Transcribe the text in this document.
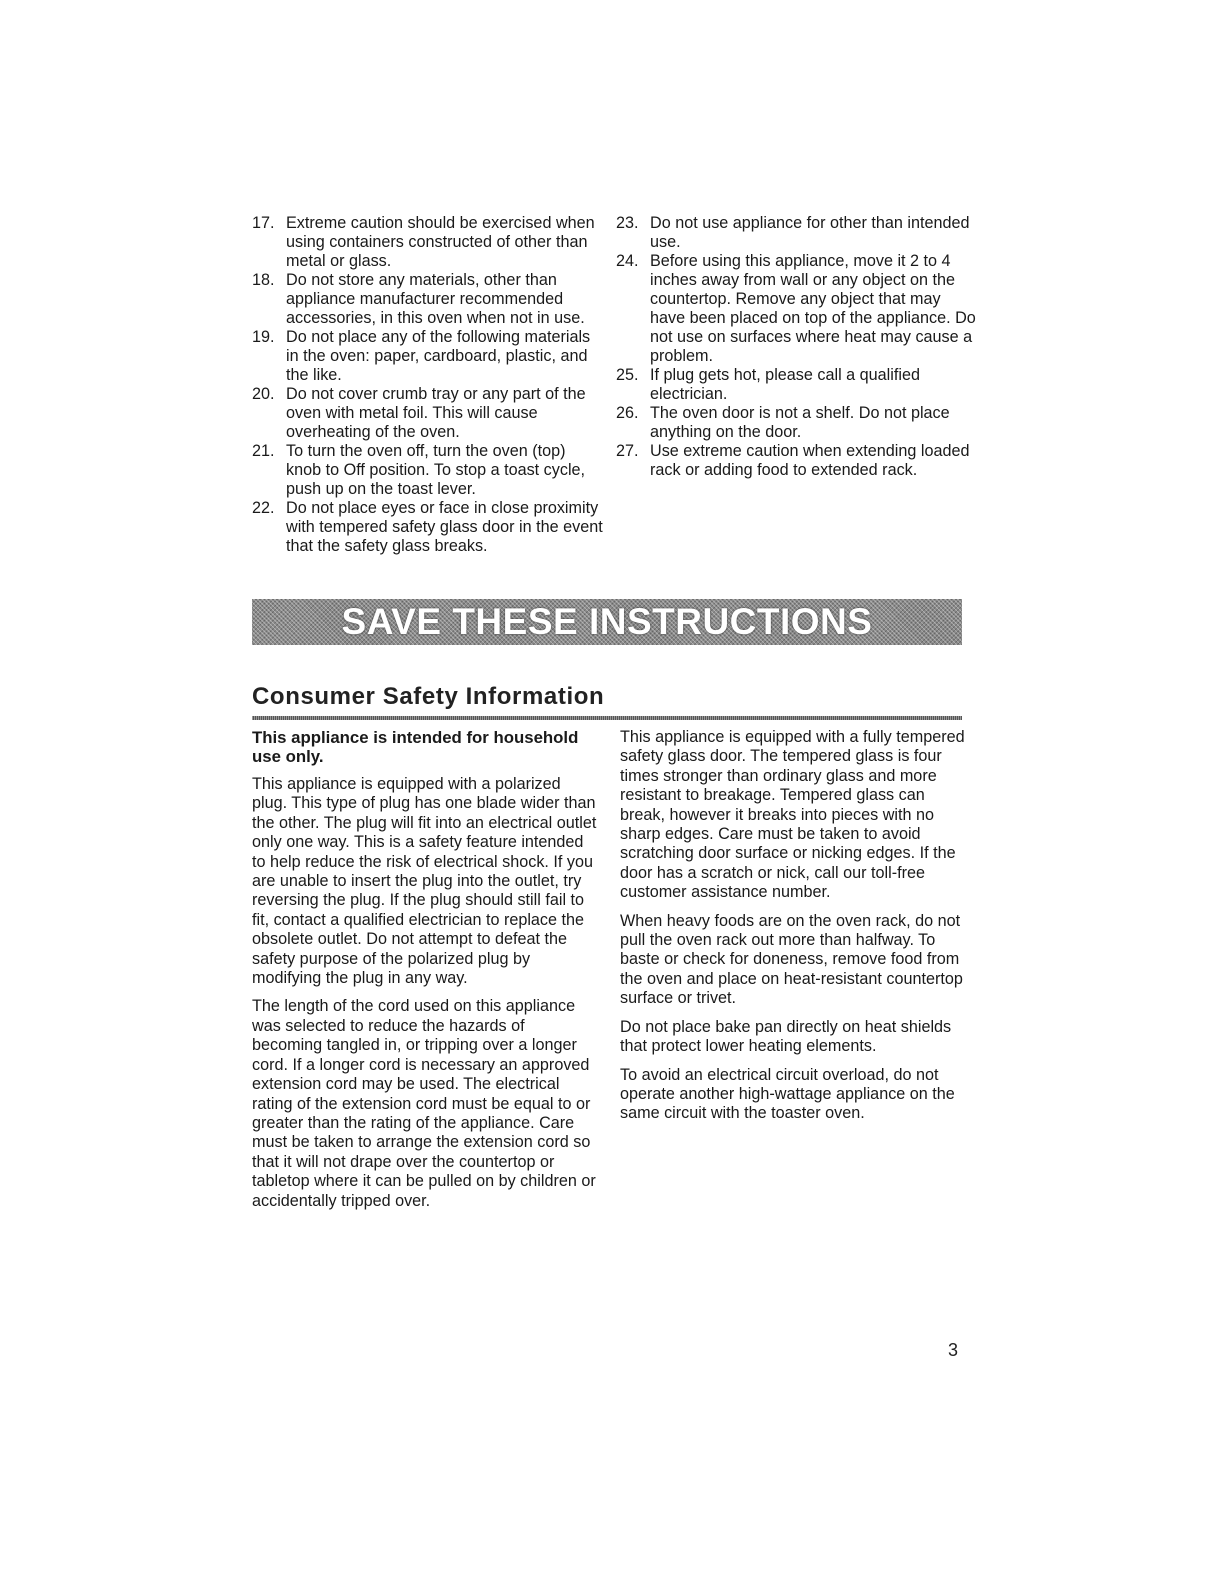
17. Extreme caution should be exercised when using containers constructed of other than metal or glass.
18. Do not store any materials, other than appliance manufacturer recommended accessories, in this oven when not in use.
19. Do not place any of the following materials in the oven: paper, cardboard, plastic, and the like.
20. Do not cover crumb tray or any part of the oven with metal foil. This will cause overheating of the oven.
21. To turn the oven off, turn the oven (top) knob to Off position. To stop a toast cycle, push up on the toast lever.
22. Do not place eyes or face in close proximity with tempered safety glass door in the event that the safety glass breaks.
23. Do not use appliance for other than intended use.
24. Before using this appliance, move it 2 to 4 inches away from wall or any object on the countertop. Remove any object that may have been placed on top of the appliance. Do not use on surfaces where heat may cause a problem.
25. If plug gets hot, please call a qualified electrician.
26. The oven door is not a shelf. Do not place anything on the door.
27. Use extreme caution when extending loaded rack or adding food to extended rack.
SAVE THESE INSTRUCTIONS
Consumer Safety Information

This appliance is intended for household use only.

This appliance is equipped with a polarized plug. This type of plug has one blade wider than the other. The plug will fit into an electrical outlet only one way. This is a safety feature intended to help reduce the risk of electrical shock. If you are unable to insert the plug into the outlet, try reversing the plug. If the plug should still fail to fit, contact a qualified electrician to replace the obsolete outlet. Do not attempt to defeat the safety purpose of the polarized plug by modifying the plug in any way.

The length of the cord used on this appliance was selected to reduce the hazards of becoming tangled in, or tripping over a longer cord. If a longer cord is necessary an approved extension cord may be used. The electrical rating of the extension cord must be equal to or greater than the rating of the appliance. Care must be taken to arrange the extension cord so that it will not drape over the countertop or tabletop where it can be pulled on by children or accidentally tripped over.

This appliance is equipped with a fully tempered safety glass door. The tempered glass is four times stronger than ordinary glass and more resistant to breakage. Tempered glass can break, however it breaks into pieces with no sharp edges. Care must be taken to avoid scratching door surface or nicking edges. If the door has a scratch or nick, call our toll-free customer assistance number.

When heavy foods are on the oven rack, do not pull the oven rack out more than halfway. To baste or check for doneness, remove food from the oven and place on heat-resistant countertop surface or trivet.

Do not place bake pan directly on heat shields that protect lower heating elements.

To avoid an electrical circuit overload, do not operate another high-wattage appliance on the same circuit with the toaster oven.

3
